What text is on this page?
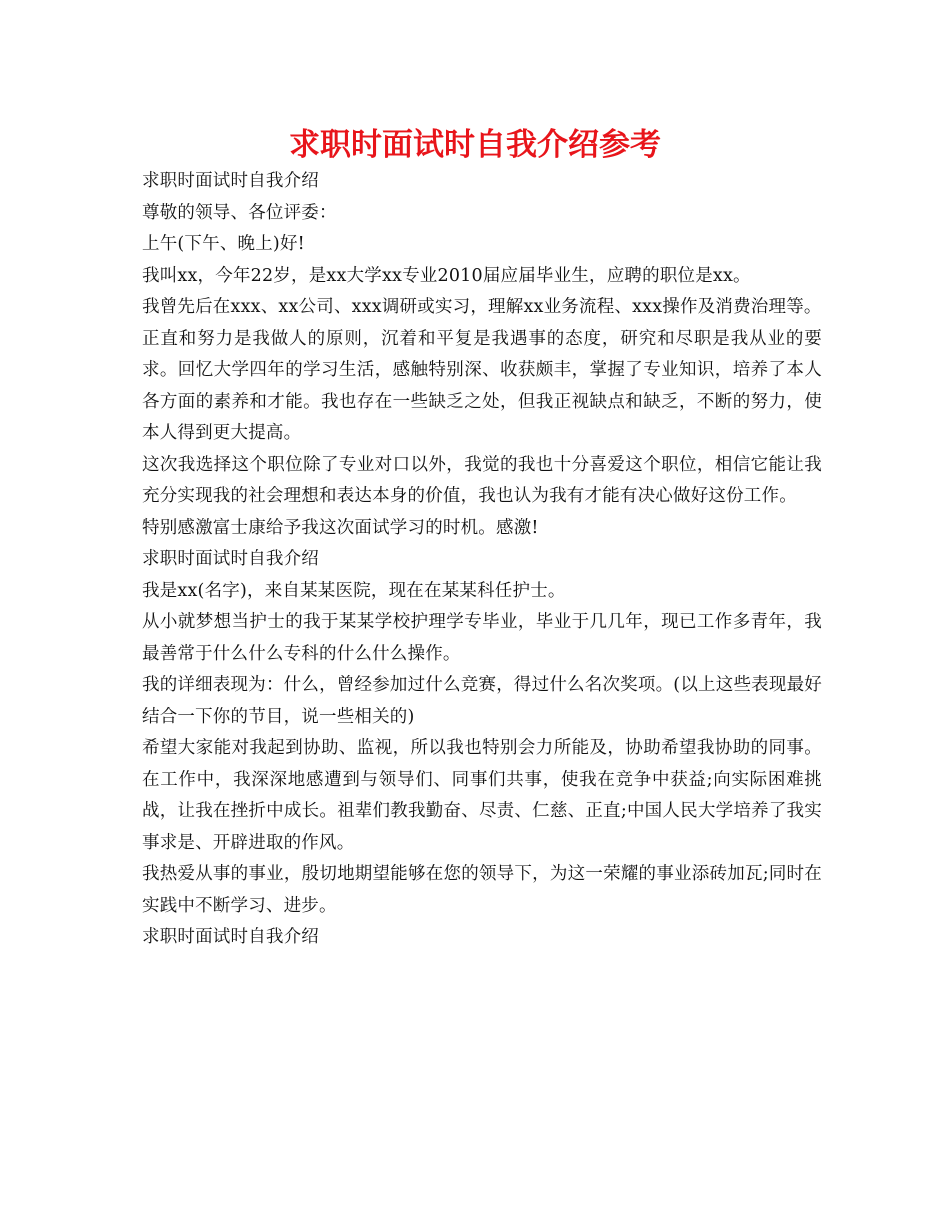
求职时面试时自我介绍参考

求职时面试时自我介绍

尊敬的领导、各位评委：

上午(下午、晚上)好!

我叫xx，今年22岁，是xx大学xx专业2010届应届毕业生，应聘的职位是xx。

我曾先后在xxx、xx公司、xxx调研或实习，理解xx业务流程、xxx操作及消费治理等。

正直和努力是我做人的原则，沉着和平复是我遇事的态度，研究和尽职是我从业的要求。回忆大学四年的学习生活，感触特别深、收获颇丰，掌握了专业知识，培养了本人各方面的素养和才能。我也存在一些缺乏之处，但我正视缺点和缺乏，不断的努力，使本人得到更大提高。

这次我选择这个职位除了专业对口以外，我觉的我也十分喜爱这个职位，相信它能让我充分实现我的社会理想和表达本身的价值，我也认为我有才能有决心做好这份工作。

特别感激富士康给予我这次面试学习的时机。感激!

求职时面试时自我介绍

我是xx(名字)，来自某某医院，现在在某某科任护士。

从小就梦想当护士的我于某某学校护理学专毕业，毕业于几几年，现已工作多青年，我最善常于什么什么专科的什么什么操作。

我的详细表现为：什么，曾经参加过什么竞赛，得过什么名次奖项。(以上这些表现最好结合一下你的节目，说一些相关的)

希望大家能对我起到协助、监视，所以我也特别会力所能及，协助希望我协助的同事。在工作中，我深深地感遭到与领导们、同事们共事，使我在竞争中获益;向实际困难挑战，让我在挫折中成长。祖辈们教我勤奋、尽责、仁慈、正直;中国人民大学培养了我实事求是、开辟进取的作风。

我热爱从事的事业，殷切地期望能够在您的领导下，为这一荣耀的事业添砖加瓦;同时在实践中不断学习、进步。

求职时面试时自我介绍
